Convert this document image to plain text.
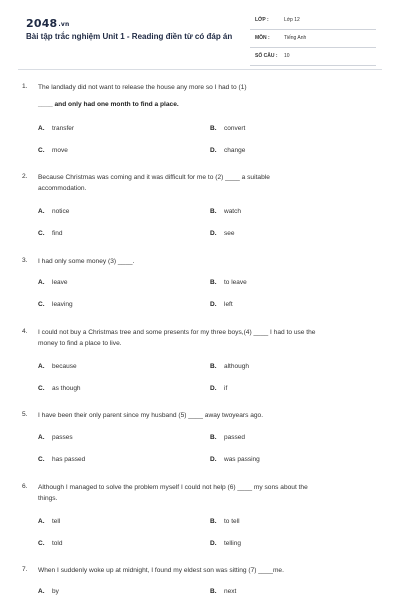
2048.vn
Bài tập trắc nghiệm Unit 1 - Reading điền từ có đáp án
LỚP :	Lớp 12
MÔN :	Tiếng Anh
SỐ CÂU : 10
1. The landlady did not want to release the house any more so I had to (1)
____ and only had one month to find a place.
A. transfer	B. convert
C. move	D. change
2. Because Christmas was coming and it was difficult for me to (2) ____ a suitable
accommodation.
A. notice	B. watch
C. find	D. see
3. I had only some money (3) ____.
A. leave	B. to leave
C. leaving	D. left
4. I could not buy a Christmas tree and some presents for my three boys,(4) ____ I had to use the
money to find a place to live.
A. because	B. although
C. as though	D. if
5. I have been their only parent since my husband (5) ____ away twoyears ago.
A. passes	B. passed
C. has passed	D. was passing
6. Although I managed to solve the problem myself I could not help (6) ____ my sons about the
things.
A. tell	B. to tell
C. told	D. telling
7. When I suddenly woke up at midnight, I found my eldest son was sitting (7) ____me.
A. by	B. next
